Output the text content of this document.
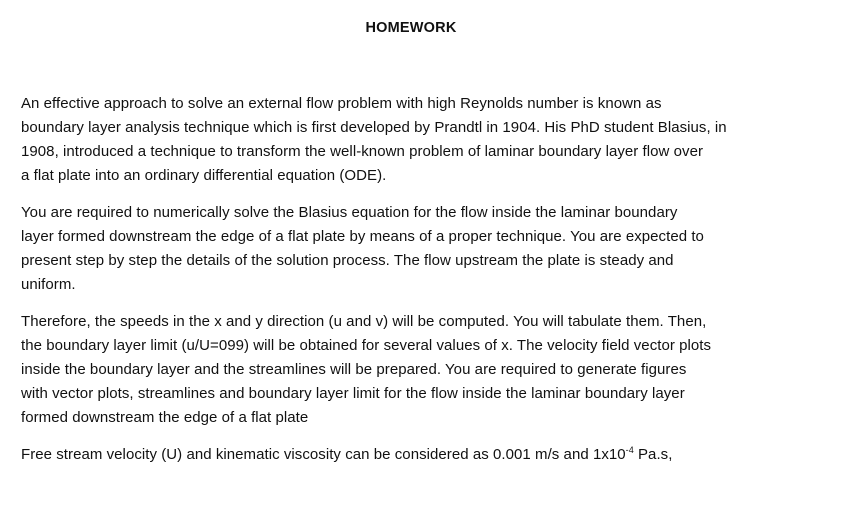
HOMEWORK

An effective approach to solve an external flow problem with high Reynolds number is known as
boundary layer analysis technique which is first developed by Prandtl in 1904. His PhD student Blasius, in
1908, introduced a technique to transform the well-known problem of laminar boundary layer flow over
a flat plate into an ordinary differential equation (ODE).

You are required to numerically solve the Blasius equation for the flow inside the laminar boundary
layer formed downstream the edge of a flat plate by means of a proper technique. You are expected to
present step by step the details of the solution process. The flow upstream the plate is steady and
uniform.

Therefore, the speeds in the x and y direction (u and v) will be computed. You will tabulate them. Then,
the boundary layer limit (u/U=099) will be obtained for several values of x. The velocity field vector plots
inside the boundary layer and the streamlines will be prepared. You are required to generate figures
with vector plots, streamlines and boundary layer limit for the flow inside the laminar boundary layer
formed downstream the edge of a flat plate

Free stream velocity (U) and kinematic viscosity can be considered as 0.001 m/s and $1x10^{-4}$ Pa.s,
